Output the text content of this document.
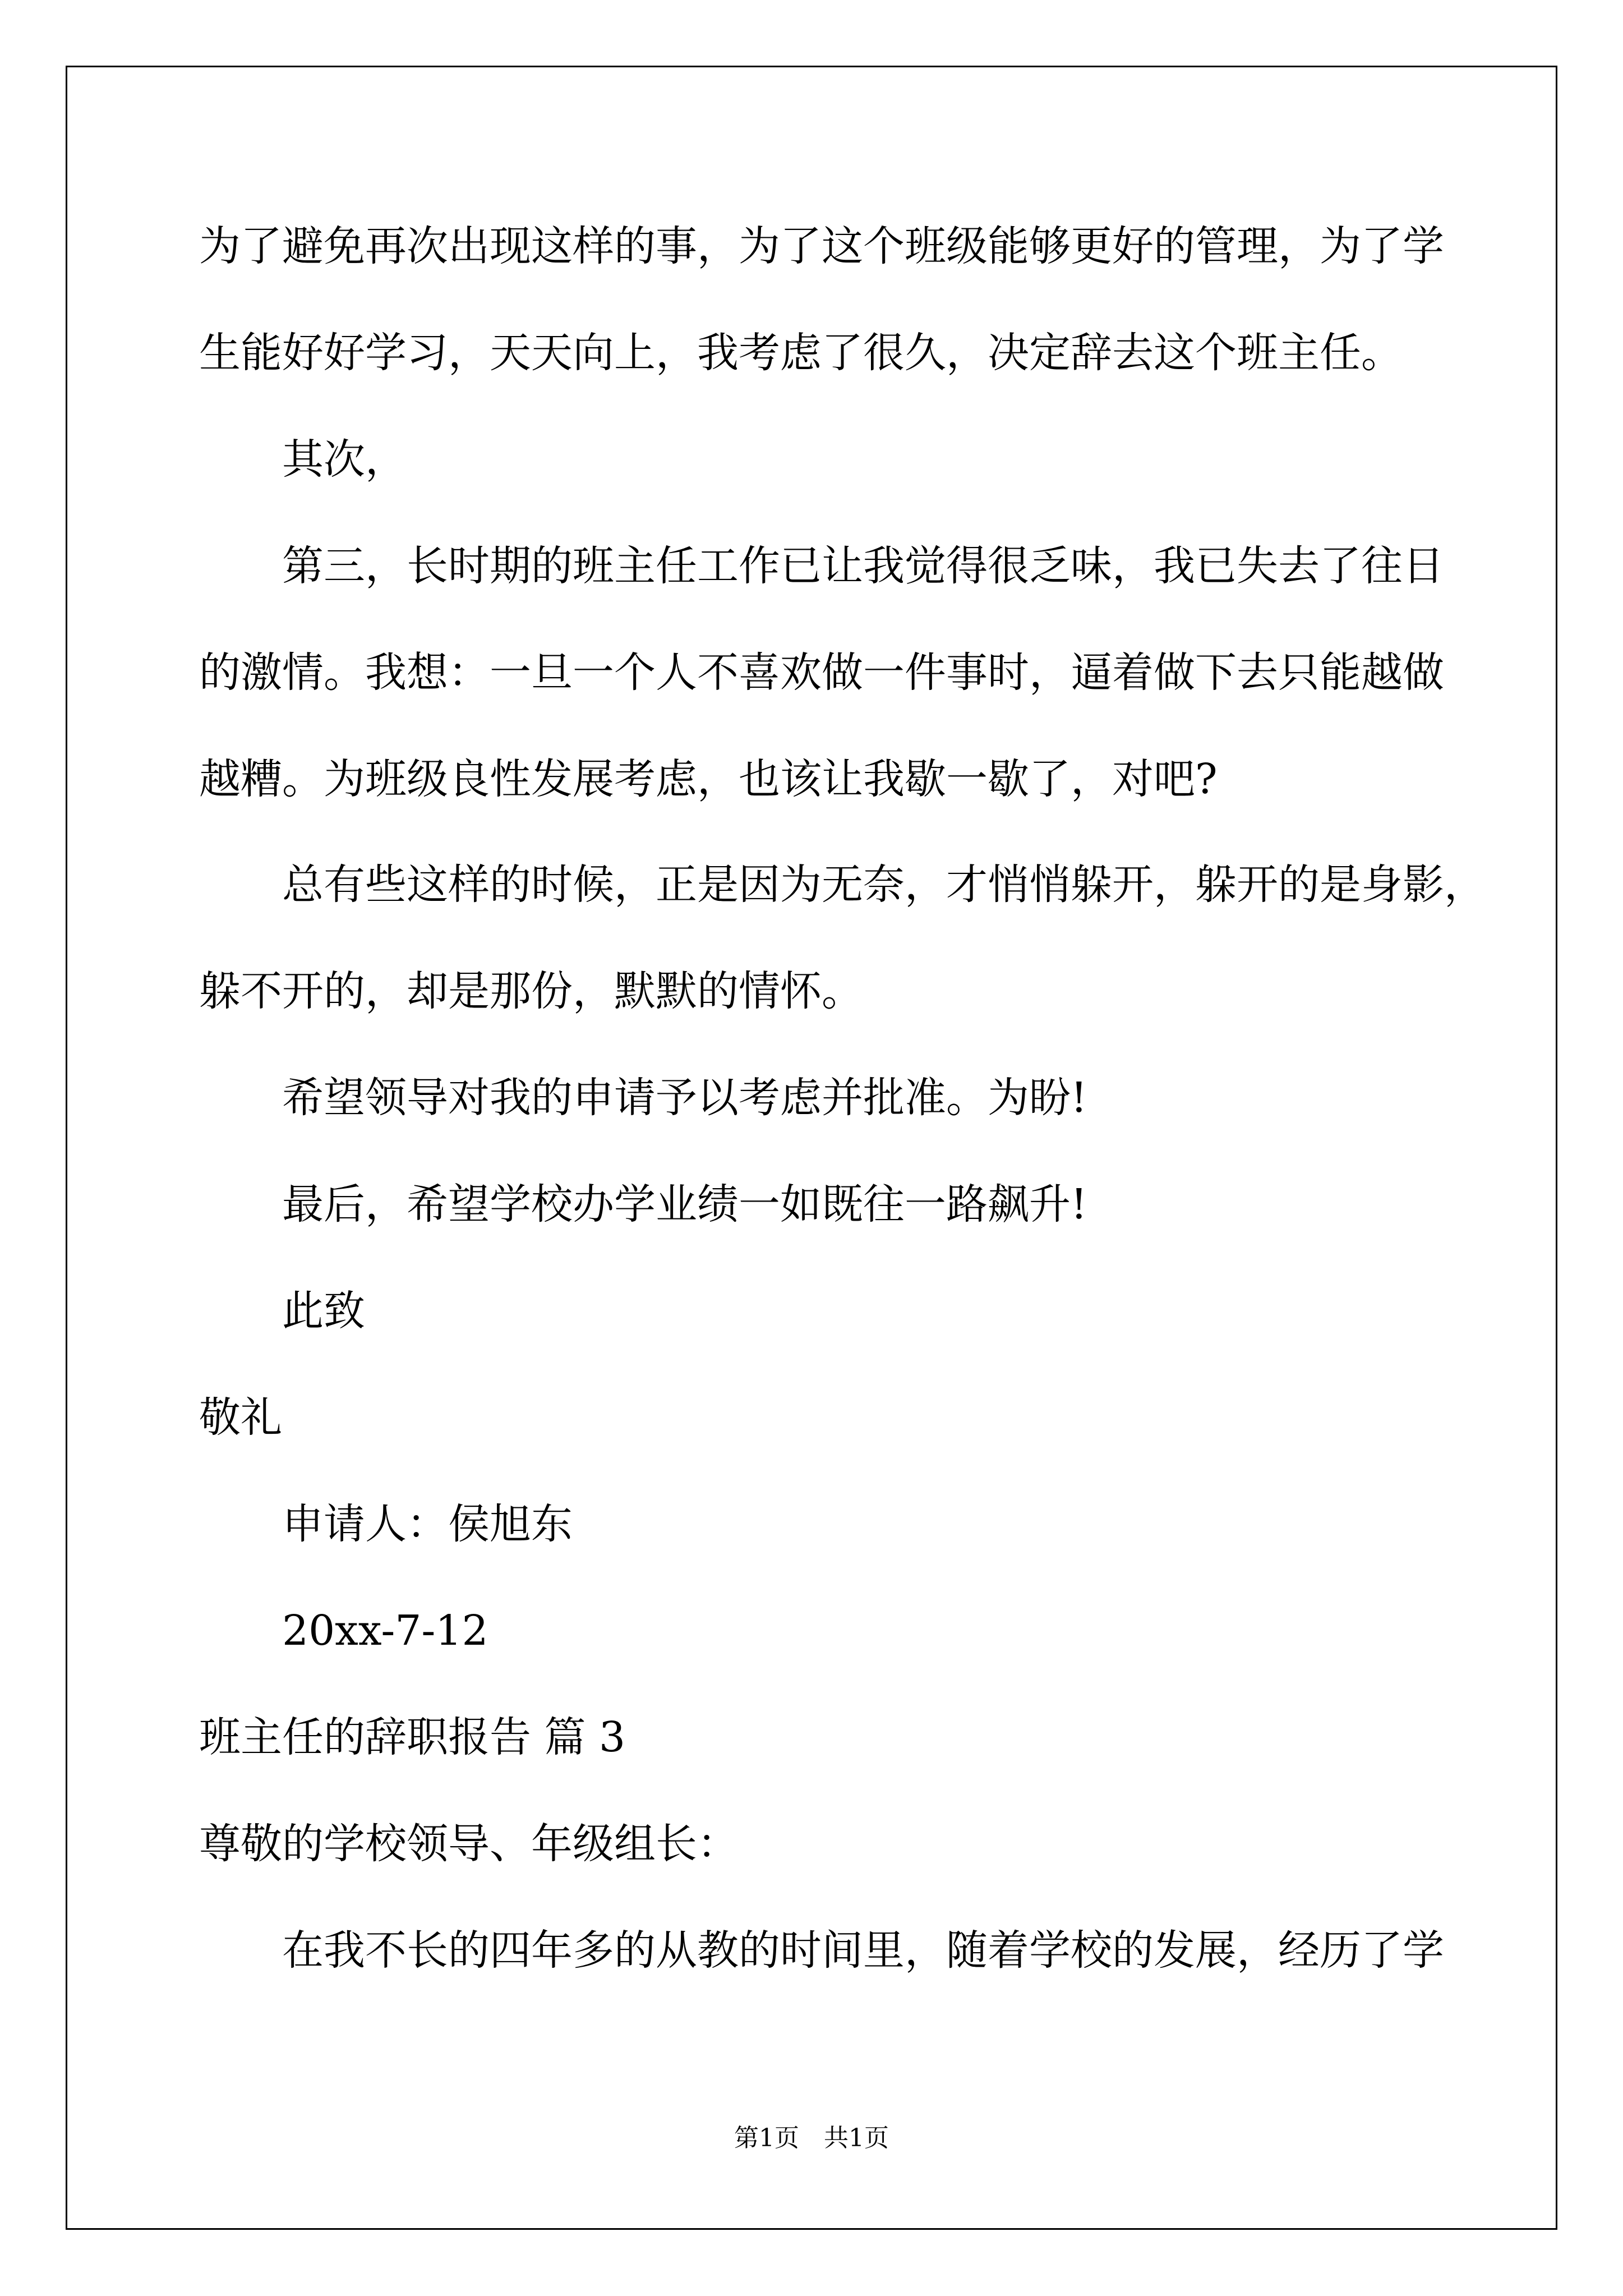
为了避免再次出现这样的事，为了这个班级能够更好的管理，为了学
生能好好学习，天天向上，我考虑了很久，决定辞去这个班主任。
其次，
第三，长时期的班主任工作已让我觉得很乏味，我已失去了往日
的激情。我想：一旦一个人不喜欢做一件事时，逼着做下去只能越做
越糟。为班级良性发展考虑，也该让我歇一歇了，对吧?
总有些这样的时候，正是因为无奈，才悄悄躲开，躲开的是身影，
躲不开的，却是那份，默默的情怀。
希望领导对我的申请予以考虑并批准。为盼!
最后，希望学校办学业绩一如既往一路飙升!
此致
敬礼
申请人：侯旭东
20xx-7-12
班主任的辞职报告 篇 3
尊敬的学校领导、年级组长：
在我不长的四年多的从教的时间里，随着学校的发展，经历了学
第1页　共1页
